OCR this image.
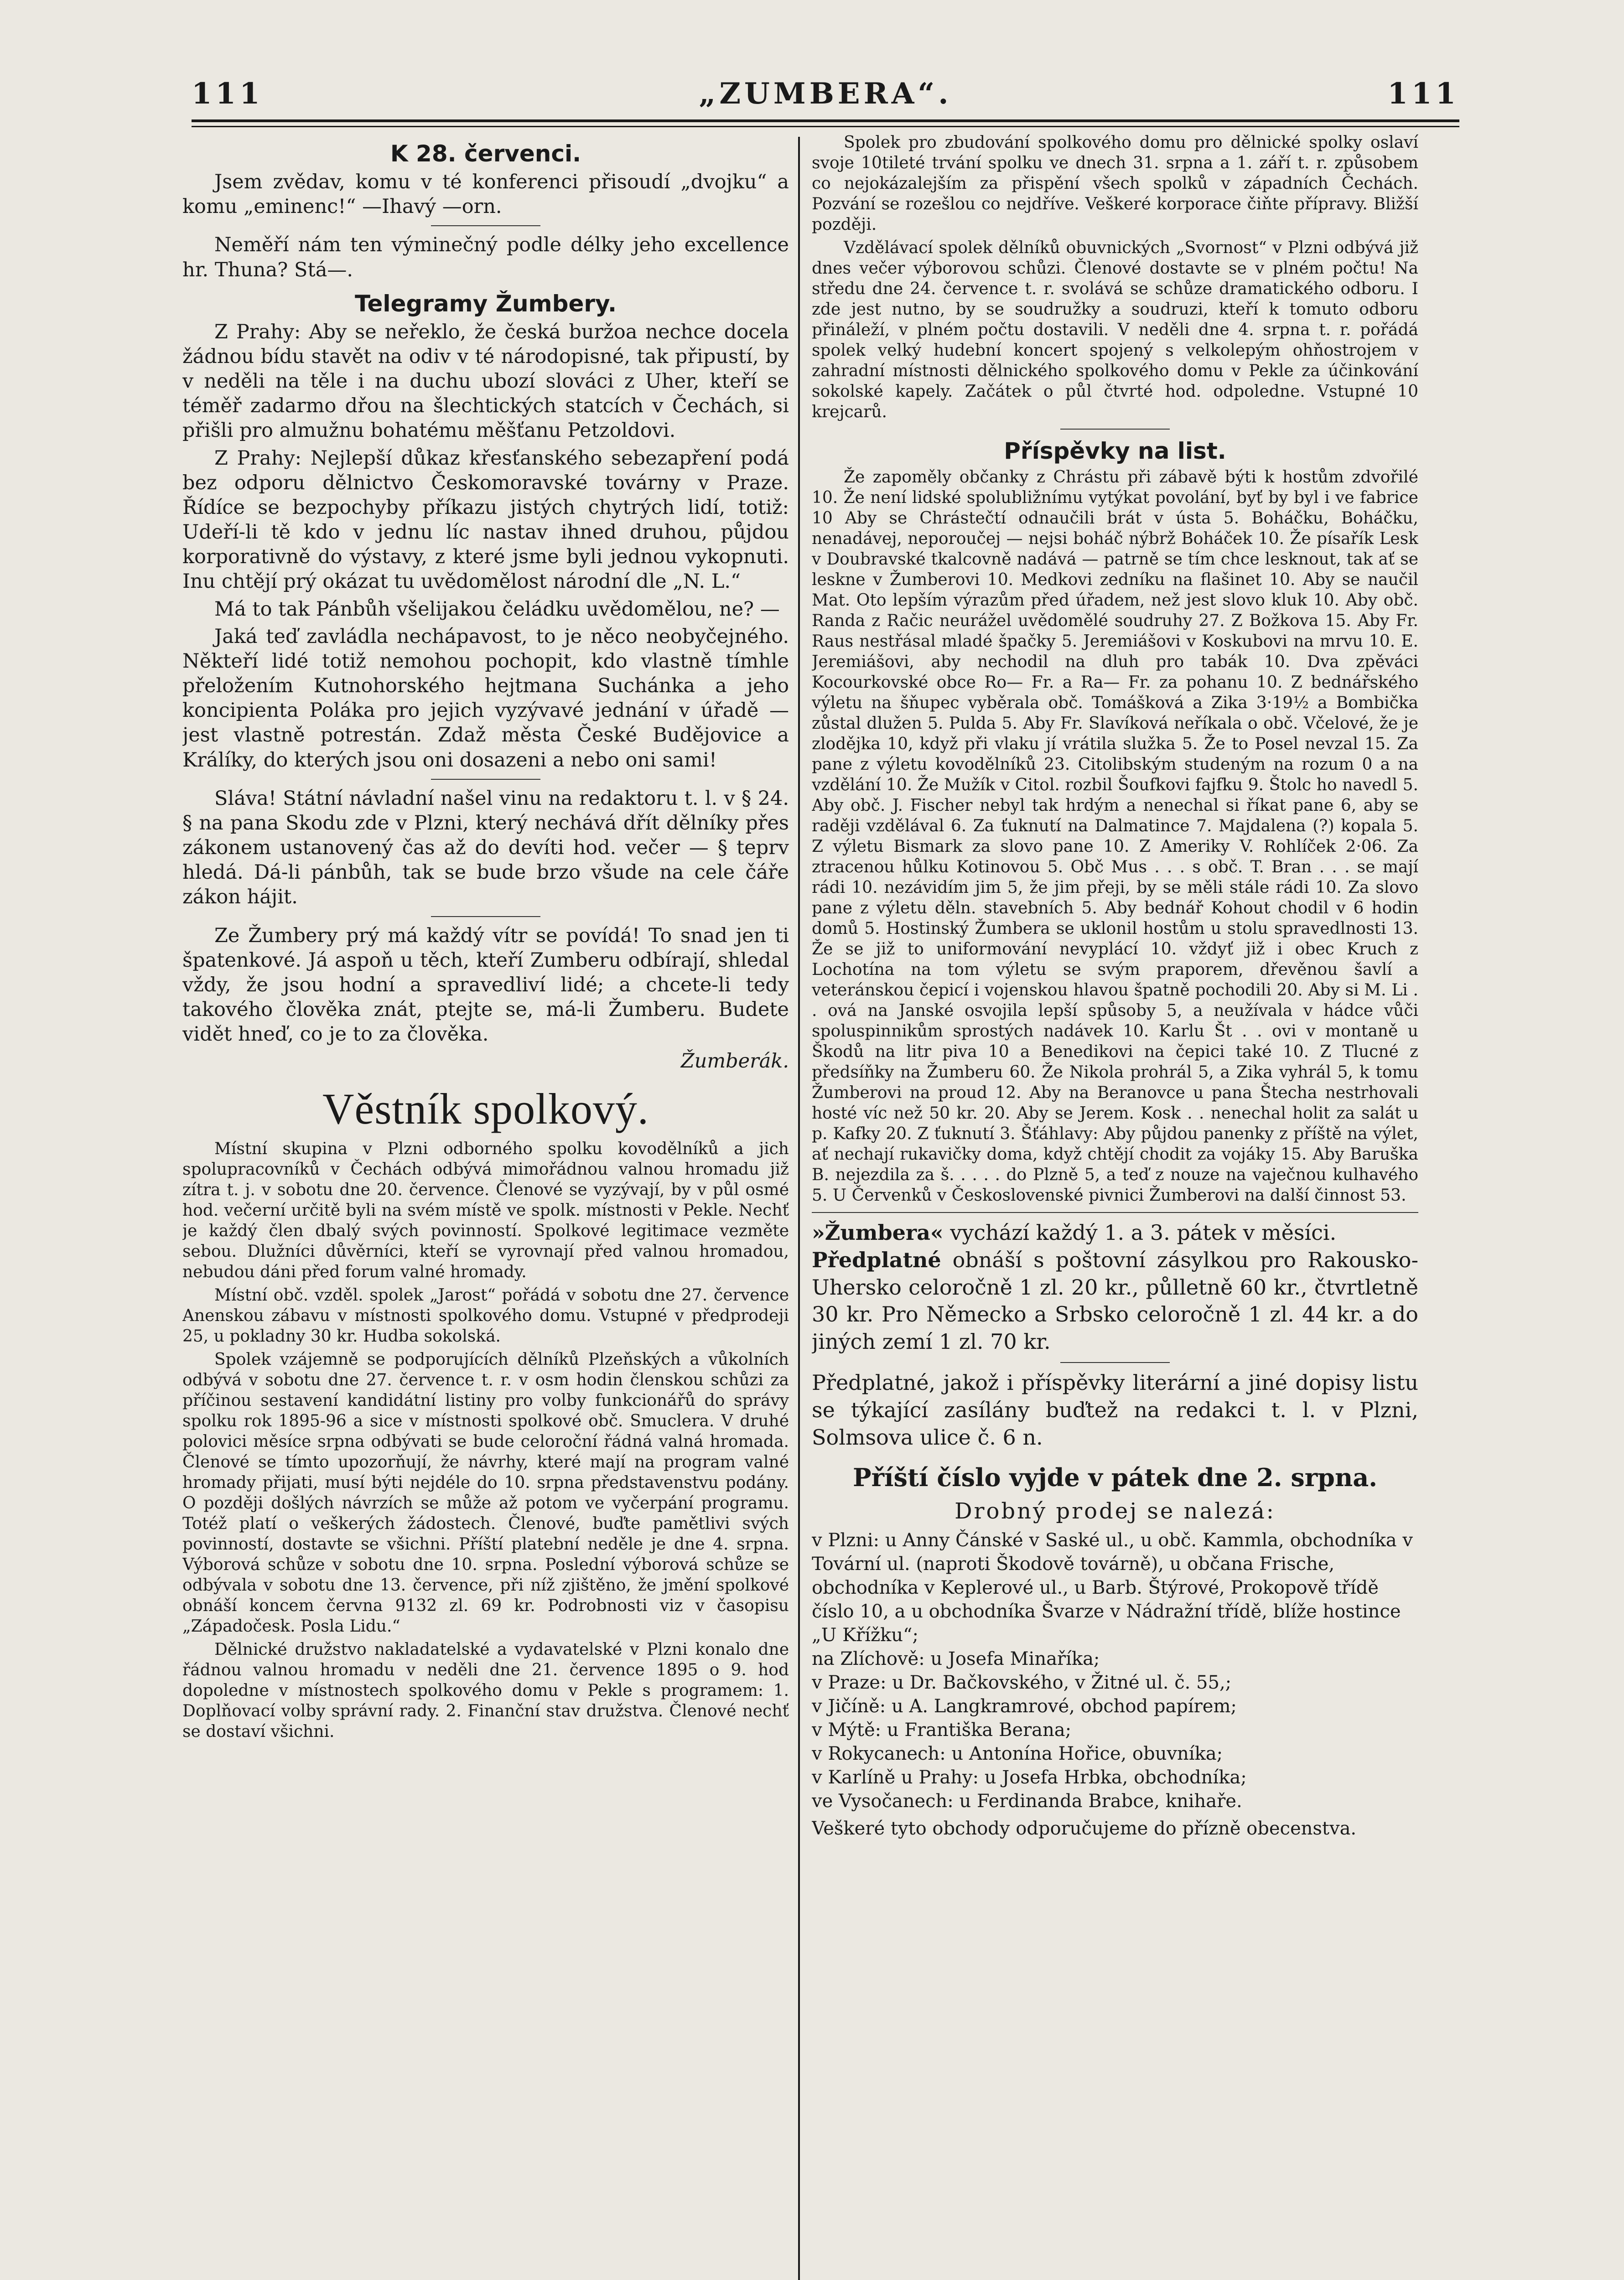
111	„ZUMBERA“.	111
K 28. červenci.

Jsem zvědav, komu v té konferenci přisoudí „dvojku“ a komu „eminenc!“ —Ihavý —orn.

Neměří nám ten výminečný podle délky jeho excellence hr. Thuna? Stá—.

Telegramy Žumbery.

Z Prahy: Aby se neřeklo, že česká buržoa nechce docela žádnou bídu stavět na odiv v té národopisné, tak připustí, by v neděli na těle i na duchu ubozí slováci z Uher, kteří se téměř zadarmo dřou na šlechtických statcích v Čechách, si přišli pro almužnu bohatému měšťanu Petzoldovi.

Z Prahy: Nejlepší důkaz křesťanského sebezapření podá bez odporu dělnictvo Českomoravské továrny v Praze. Řídíce se bezpochyby příkazu jistých chytrých lidí, totiž: Udeří-li tě kdo v jednu líc nastav ihned druhou, půjdou korporativně do výstavy, z které jsme byli jednou vykopnuti. Inu chtějí prý okázat tu uvědomělost národní dle „N. L.“

Má to tak Pánbůh všelijakou čeládku uvědomělou, ne? —

Jaká teď zavládla nechápavost, to je něco neobyčejného. Někteří lidé totiž nemohou pochopit, kdo vlastně tímhle přeložením Kutnohorského hejtmana Suchánka a jeho koncipienta Poláka pro jejich vyzývavé jednání v úřadě — jest vlastně potrestán. Zdaž města České Budějovice a Králíky, do kterých jsou oni dosazeni a nebo oni sami!

Sláva! Státní návladní našel vinu na redaktoru t. l. v § 24. § na pana Skodu zde v Plzni, který nechává dřít dělníky přes zákonem ustanovený čas až do devíti hod. večer — § teprv hledá. Dá-li pánbůh, tak se bude brzo všude na cele čáře zákon hájit.

Ze Žumbery prý má každý vítr se povídá! To snad jen ti špatenkové. Já aspoň u těch, kteří Zumberu odbírají, shledal vždy, že jsou hodní a spravedliví lidé; a chcete-li tedy takového člověka znát, ptejte se, má-li Žumberu. Budete vidět hneď, co je to za člověka.

Žumberák.

Věstník spolkový.

Místní skupina v Plzni odborného spolku kovodělníků a jich spolupracovníků v Čechách odbývá mimořádnou valnou hromadu již zítra t. j. v sobotu dne 20. července. Členové se vyzývají, by v půl osmé hod. večerní určitě byli na svém místě ve spolk. místnosti v Pekle. Nechť je každý člen dbalý svých povinností. Spolkové legitimace vezměte sebou. Dlužníci důvěrníci, kteří se vyrovnají před valnou hromadou, nebudou dáni před forum valné hromady.

Místní obč. vzděl. spolek „Jarost“ pořádá v sobotu dne 27. července Anenskou zábavu v místnosti spolkového domu. Vstupné v předprodeji 25, u pokladny 30 kr. Hudba sokolská.

Spolek vzájemně se podporujících dělníků Plzeňských a vůkolních odbývá v sobotu dne 27. července t. r. v osm hodin členskou schůzi za příčinou sestavení kandidátní listiny pro volby funkcionářů do správy spolku rok 1895-96 a sice v místnosti spolkové obč. Smuclera. V druhé polovici měsíce srpna odbývati se bude celoroční řádná valná hromada. Členové se tímto upozorňují, že návrhy, které mají na program valné hromady přijati, musí býti nejdéle do 10. srpna představenstvu podány. O později došlých návrzích se může až potom ve vyčerpání programu. Totéž platí o veškerých žádostech. Členové, buďte pamětlivi svých povinností, dostavte se všichni. Příští platební neděle je dne 4. srpna. Výborová schůze v sobotu dne 10. srpna. Poslední výborová schůze se odbývala v sobotu dne 13. července, při níž zjištěno, že jmění spolkové obnáší koncem června 9132 zl. 69 kr. Podrobnosti viz v časopisu „Západočesk. Posla Lidu.“

Dělnické družstvo nakladatelské a vydavatelské v Plzni konalo dne řádnou valnou hromadu v neděli dne 21. července 1895 o 9. hod dopoledne v místnostech spolkového domu v Pekle s programem: 1. Doplňovací volby správní rady. 2. Finanční stav družstva. Členové nechť se dostaví všichni.

Spolek pro zbudování spolkového domu pro dělnické spolky oslaví svoje 10tileté trvání spolku ve dnech 31. srpna a 1. září t. r. způsobem co nejokázalejším za přispění všech spolků v západních Čechách. Pozvání se rozešlou co nejdříve. Veškeré korporace čiňte přípravy. Bližší později.

Vzdělávací spolek dělníků obuvnických „Svornost“ v Plzni odbývá již dnes večer výborovou schůzi. Členové dostavte se v plném počtu! Na středu dne 24. července t. r. svolává se schůze dramatického odboru. I zde jest nutno, by se soudružky a soudruzi, kteří k tomuto odboru přináleží, v plném počtu dostavili. V neděli dne 4. srpna t. r. pořádá spolek velký hudební koncert spojený s velkolepým ohňostrojem v zahradní místnosti dělnického spolkového domu v Pekle za účinkování sokolské kapely. Začátek o půl čtvrté hod. odpoledne. Vstupné 10 krejcarů.

Příspěvky na list.

Že zapoměly občanky z Chrástu při zábavě býti k hostům zdvořilé 10. Že není lidské spolubližnímu vytýkat povolání, byť by byl i ve fabrice 10 Aby se Chrástečtí odnaučili brát v ústa 5. Boháčku, Boháčku, nenadávej, neporoučej — nejsi boháč nýbrž Boháček 10. Že písařík Lesk v Doubravské tkalcovně nadává — patrně se tím chce lesknout, tak ať se leskne v Žumberovi 10. Medkovi zedníku na flašinet 10. Aby se naučil Mat. Oto lepším výrazům před úřadem, než jest slovo kluk 10. Aby obč. Randa z Račic neurážel uvědomělé soudruhy 27. Z Božkova 15. Aby Fr. Raus nestřásal mladé špačky 5. Jeremiášovi v Koskubovi na mrvu 10. E. Jeremiášovi, aby nechodil na dluh pro tabák 10. Dva zpěváci Kocourkovské obce Ro— Fr. a Ra— Fr. za pohanu 10. Z bednářského výletu na šňupec vyběrala obč. Tomášková a Zika 3·19½ a Bombička zůstal dlužen 5. Pulda 5. Aby Fr. Slavíková neříkala o obč. Včelové, že je zlodějka 10, když při vlaku jí vrátila služka 5. Že to Posel nevzal 15. Za pane z výletu kovodělníků 23. Citolibským studeným na rozum 0 a na vzdělání 10. Že Mužík v Citol. rozbil Šoufkovi fajfku 9. Štolc ho navedl 5. Aby obč. J. Fischer nebyl tak hrdým a nenechal si říkat pane 6, aby se raději vzdělával 6. Za ťuknutí na Dalmatince 7. Majdalena (?) kopala 5. Z výletu Bismark za slovo pane 10. Z Ameriky V. Rohlíček 2·06. Za ztracenou hůlku Kotinovou 5. Obč Mus . . . s obč. T. Bran . . . se mají rádi 10. nezávidím jim 5, že jim přeji, by se měli stále rádi 10. Za slovo pane z výletu děln. stavebních 5. Aby bednář Kohout chodil v 6 hodin domů 5. Hostinský Žumbera se uklonil hostům u stolu spravedlnosti 13. Že se již to uniformování nevyplácí 10. vždyť již i obec Kruch z Lochotína na tom výletu se svým praporem, dřevěnou šavlí a veteránskou čepicí i vojenskou hlavou špatně pochodili 20. Aby si M. Li . . ová na Janské osvojila lepší spůsoby 5, a neužívala v hádce vůči spoluspinnikům sprostých nadávek 10. Karlu Št . . ovi v montaně u Škodů na litr piva 10 a Benedikovi na čepici také 10. Z Tlucné z předsíňky na Žumberu 60. Že Nikola prohrál 5, a Zika vyhrál 5, k tomu Žumberovi na proud 12. Aby na Beranovce u pana Štecha nestrhovali hosté víc než 50 kr. 20. Aby se Jerem. Kosk . . nenechal holit za salát u p. Kafky 20. Z ťuknutí 3. Šťáhlavy: Aby půjdou panenky z příště na výlet, ať nechají rukavičky doma, když chtějí chodit za vojáky 15. Aby Baruška B. nejezdila za š. . . . . do Plzně 5, a teď z nouze na vaječnou kulhavého 5. U Červenků v Československé pivnici Žumberovi na další činnost 53.

»Žumbera« vychází každý 1. a 3. pátek v měsíci.

Předplatné obnáší s poštovní zásylkou pro Rakousko-Uhersko celoročně 1 zl. 20 kr., půlletně 60 kr., čtvrtletně 30 kr. Pro Německo a Srbsko celoročně 1 zl. 44 kr. a do jiných zemí 1 zl. 70 kr.

Předplatné, jakož i příspěvky literární a jiné dopisy listu se týkající zasílány buďtež na redakci t. l. v Plzni, Solmsova ulice č. 6 n.

Příští číslo vyjde v pátek dne 2. srpna.
Drobný prodej se nalezá:

v Plzni: u Anny Čánské v Saské ul., u obč. Kammla, obchodníka v Tovární ul. (naproti Škodově továrně), u občana Frische, obchodníka v Keplerové ul., u Barb. Štýrové, Prokopově třídě číslo 10, a u obchodníka Švarze v Nádražní třídě, blíže hostince „U Křížku“;

na Zlíchově: u Josefa Minaříka;

v Praze: u Dr. Bačkovského, v Žitné ul. č. 55,;

v Jičíně: u A. Langkramrové, obchod papírem;

v Mýtě: u Františka Berana;

v Rokycanech: u Antonína Hořice, obuvníka;

v Karlíně u Prahy: u Josefa Hrbka, obchodníka;

ve Vysočanech: u Ferdinanda Brabce, knihaře.

Veškeré tyto obchody odporučujeme do přízně obecenstva.
